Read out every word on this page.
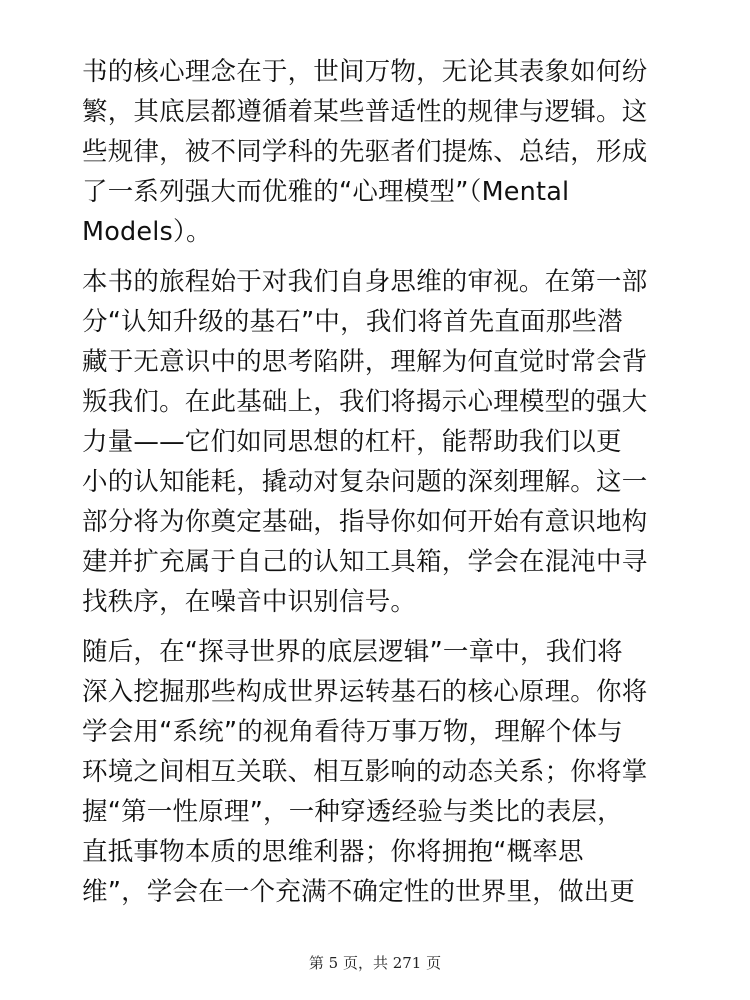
书的核心理念在于，世间万物，无论其表象如何纷
繁，其底层都遵循着某些普适性的规律与逻辑。这
些规律，被不同学科的先驱者们提炼、总结，形成
了一系列强大而优雅的“心理模型”（Mental
Models）。

本书的旅程始于对我们自身思维的审视。在第一部
分“认知升级的基石”中，我们将首先直面那些潜
藏于无意识中的思考陷阱，理解为何直觉时常会背
叛我们。在此基础上，我们将揭示心理模型的强大
力量——它们如同思想的杠杆，能帮助我们以更
小的认知能耗，撬动对复杂问题的深刻理解。这一
部分将为你奠定基础，指导你如何开始有意识地构
建并扩充属于自己的认知工具箱，学会在混沌中寻
找秩序，在噪音中识别信号。

随后，在“探寻世界的底层逻辑”一章中，我们将
深入挖掘那些构成世界运转基石的核心原理。你将
学会用“系统”的视角看待万事万物，理解个体与
环境之间相互关联、相互影响的动态关系；你将掌
握“第一性原理”，一种穿透经验与类比的表层，
直抵事物本质的思维利器；你将拥抱“概率思
维”，学会在一个充满不确定性的世界里，做出更

第 5 页，共 271 页
